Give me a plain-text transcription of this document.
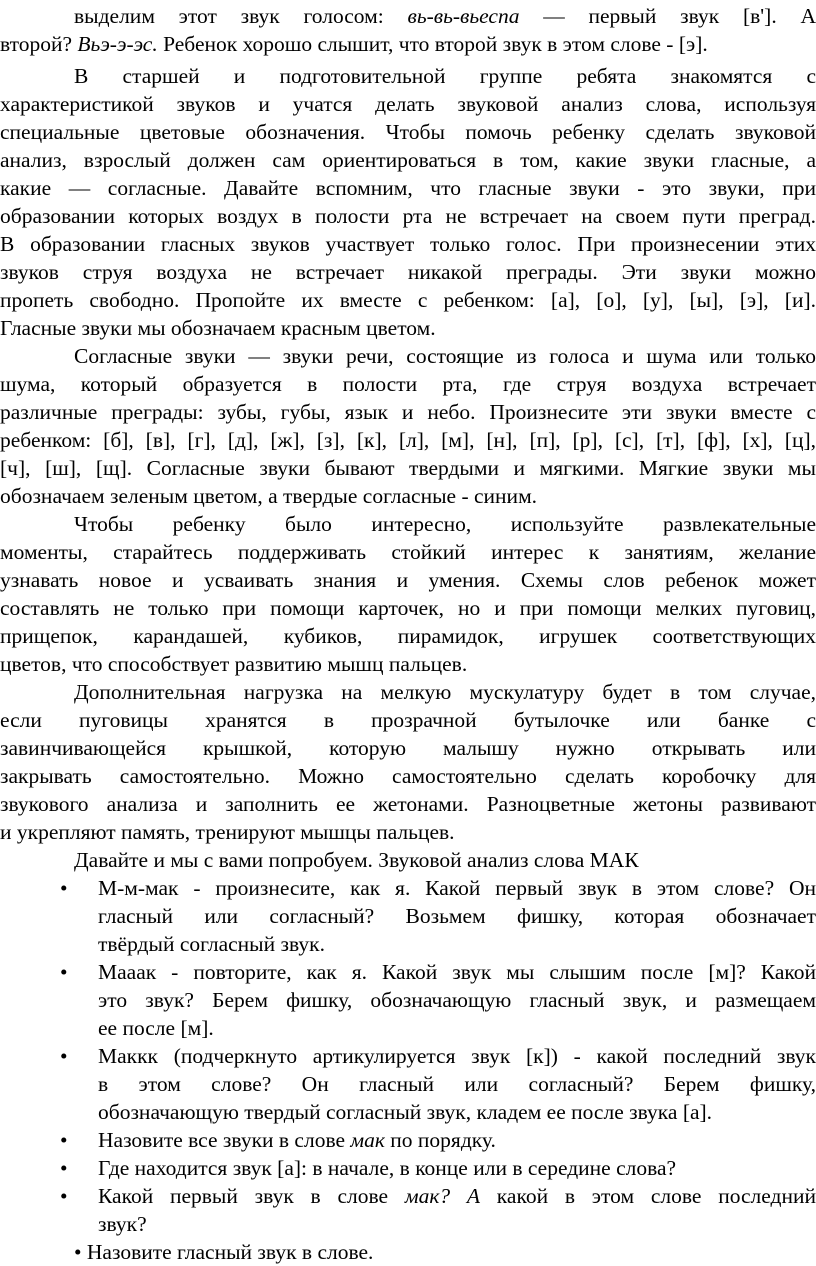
выделим этот звук голосом: вь-вь-вьеспа — первый звук [в']. А
второй? Вьэ-э-эс. Ребенок хорошо слышит, что второй звук в этом слове - [э].
В старшей и подготовительной группе ребята знакомятся с
характеристикой звуков и учатся делать звуковой анализ слова, используя
специальные цветовые обозначения. Чтобы помочь ребенку сделать звуковой
анализ, взрослый должен сам ориентироваться в том, какие звуки гласные, а
какие — согласные. Давайте вспомним, что гласные звуки - это звуки, при
образовании которых воздух в полости рта не встречает на своем пути преград.
В образовании гласных звуков участвует только голос. При произнесении этих
звуков струя воздуха не встречает никакой преграды. Эти звуки можно
пропеть свободно. Пропойте их вместе с ребенком: [а], [о], [у], [ы], [э], [и].
Гласные звуки мы обозначаем красным цветом.
Согласные звуки — звуки речи, состоящие из голоса и шума или только
шума, который образуется в полости рта, где струя воздуха встречает
различные преграды: зубы, губы, язык и небо. Произнесите эти звуки вместе с
ребенком: [б], [в], [г], [д], [ж], [з], [к], [л], [м], [н], [п], [р], [с], [т], [ф], [х], [ц],
[ч], [ш], [щ]. Согласные звуки бывают твердыми и мягкими. Мягкие звуки мы
обозначаем зеленым цветом, а твердые согласные - синим.
Чтобы ребенку было интересно, используйте развлекательные
моменты, старайтесь поддерживать стойкий интерес к занятиям, желание
узнавать новое и усваивать знания и умения. Схемы слов ребенок может
составлять не только при помощи карточек, но и при помощи мелких пуговиц,
прищепок, карандашей, кубиков, пирамидок, игрушек соответствующих
цветов, что способствует развитию мышц пальцев.
Дополнительная нагрузка на мелкую мускулатуру будет в том случае,
если пуговицы хранятся в прозрачной бутылочке или банке с
завинчивающейся крышкой, которую малышу нужно открывать или
закрывать самостоятельно. Можно самостоятельно сделать коробочку для
звукового анализа и заполнить ее жетонами. Разноцветные жетоны развивают
и укрепляют память, тренируют мышцы пальцев.
Давайте и мы с вами попробуем. Звуковой анализ слова МАК
• М-м-мак - произнесите, как я. Какой первый звук в этом слове? Он
гласный или согласный? Возьмем фишку, которая обозначает
твёрдый согласный звук.
• Мааак - повторите, как я. Какой звук мы слышим после [м]? Какой
это звук? Берем фишку, обозначающую гласный звук, и размещаем
ее после [м].
• Маккк (подчеркнуто артикулируется звук [к]) - какой последний звук
в этом слове? Он гласный или согласный? Берем фишку,
обозначающую твердый согласный звук, кладем ее после звука [а].
• Назовите все звуки в слове мак по порядку.
• Где находится звук [а]: в начале, в конце или в середине слова?
• Какой первый звук в слове мак? А какой в этом слове последний
звук?
• Назовите гласный звук в слове.
